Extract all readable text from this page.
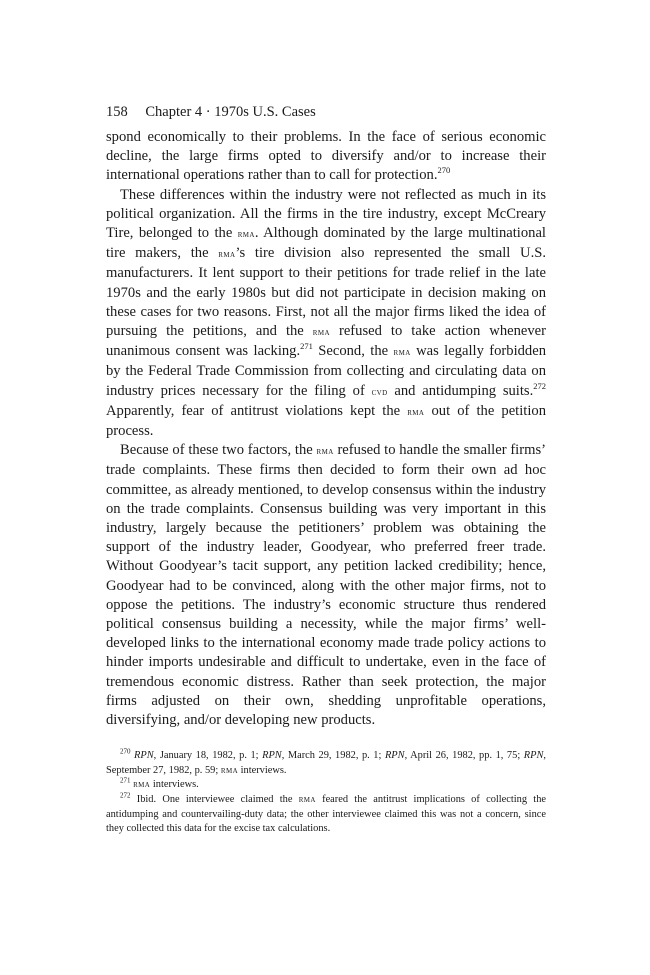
158 Chapter 4 · 1970s U.S. Cases

spond economically to their problems. In the face of serious economic decline, the large firms opted to diversify and/or to increase their international operations rather than to call for protection.$^{270}$

These differences within the industry were not reflected as much in its political organization. All the firms in the tire industry, except McCreary Tire, belonged to the rma. Although dominated by the large multinational tire makers, the rma’s tire division also represented the small U.S. manufacturers. It lent support to their petitions for trade relief in the late 1970s and the early 1980s but did not participate in decision making on these cases for two reasons. First, not all the major firms liked the idea of pursuing the petitions, and the rma refused to take action whenever unanimous consent was lacking.$^{271}$ Second, the rma was legally forbidden by the Federal Trade Commission from collecting and circulating data on industry prices necessary for the filing of cvd and antidumping suits.$^{272}$ Apparently, fear of antitrust violations kept the rma out of the petition process.

Because of these two factors, the rma refused to handle the smaller firms’ trade complaints. These firms then decided to form their own ad hoc committee, as already mentioned, to develop consensus within the industry on the trade complaints. Consensus building was very important in this industry, largely because the petitioners’ problem was obtaining the support of the industry leader, Goodyear, who preferred freer trade. Without Goodyear’s tacit support, any petition lacked credibility; hence, Goodyear had to be convinced, along with the other major firms, not to oppose the petitions. The industry’s economic structure thus rendered political consensus building a necessity, while the major firms’ well-developed links to the international economy made trade policy actions to hinder imports undesirable and difficult to undertake, even in the face of tremendous economic distress. Rather than seek protection, the major firms adjusted on their own, shedding unprofitable operations, diversifying, and/or developing new products.

$^{270}$ RPN, January 18, 1982, p. 1; RPN, March 29, 1982, p. 1; RPN, April 26, 1982, pp. 1, 75; RPN, September 27, 1982, p. 59; rma interviews.

$^{271}$ rma interviews.

$^{272}$ Ibid. One interviewee claimed the rma feared the antitrust implications of collecting the antidumping and countervailing-duty data; the other interviewee claimed this was not a concern, since they collected this data for the excise tax calculations.
